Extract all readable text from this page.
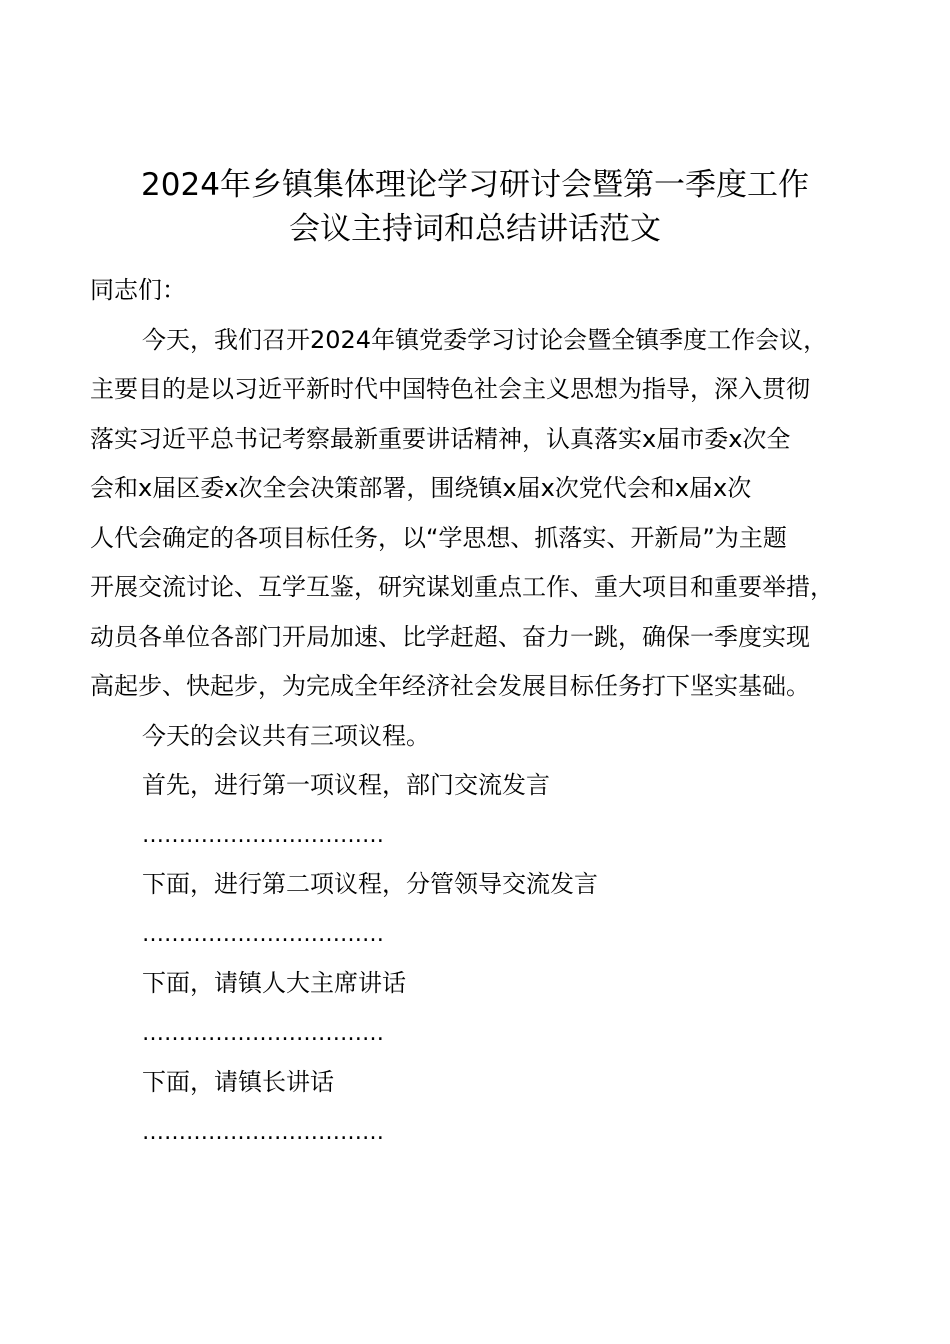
2024年乡镇集体理论学习研讨会暨第一季度工作
会议主持词和总结讲话范文

同志们：

今天，我们召开2024年镇党委学习讨论会暨全镇季度工作会议，
主要目的是以习近平新时代中国特色社会主义思想为指导，深入贯彻
落实习近平总书记考察最新重要讲话精神，认真落实x届市委x次全
会和x届区委x次全会决策部署，围绕镇x届x次党代会和x届x次
人代会确定的各项目标任务，以“学思想、抓落实、开新局”为主题
开展交流讨论、互学互鉴，研究谋划重点工作、重大项目和重要举措，
动员各单位各部门开局加速、比学赶超、奋力一跳，确保一季度实现
高起步、快起步，为完成全年经济社会发展目标任务打下坚实基础。

今天的会议共有三项议程。

首先，进行第一项议程，部门交流发言
……………………………

下面，进行第二项议程，分管领导交流发言
……………………………

下面，请镇人大主席讲话
……………………………

下面，请镇长讲话
……………………………
